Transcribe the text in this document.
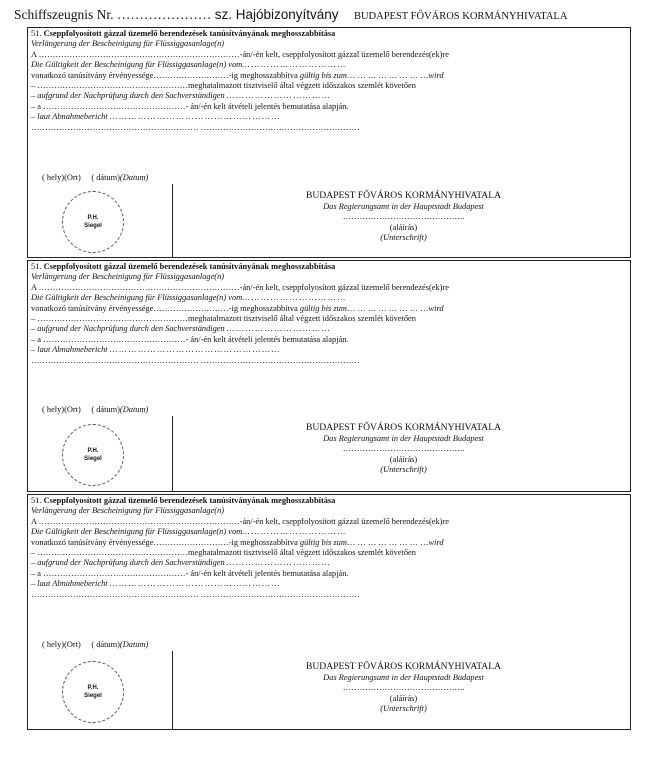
Schiffszeugnis Nr. ………………… sz. Hajóbizonyítvány BUDAPEST FŐVÁROS KORMÁNYHIVATALA
51. Cseppfolyosított gázzal üzemelő berendezések tanúsítványának meghosszabbítása
Verlängerung der Bescheinigung für Flüssiggasanlage(n)
A ………………………………………………………………-án/-én kelt, cseppfolyosított gázzal üzemelő berendezés(ek)re
Die Gültigkeit der Bescheinigung für Flüssiggasanlage(n) vom… … … … … … … … … … …
vonatkozó tanúsítvány érvényessége………………………-ig meghosszabbítva gültig bis zum… … … … … … … …wird
– ………………………………………………meghatalmazott tisztviselő által végzett időszakos szemlét követően
– aufgrund der Nachprüfung durch den Sachverständigen … … … … … … … … … … …
– a ……………………………………………- án/-én kelt átvételi jelentés bemutatása alapján.
– laut Abnahmebericht … … … … … … … … … … … … … … … … … …
…………………………………………………… …………………………………………………
( hely)(Ort) ( dátum)(Datum)
P.H.
Siegel
BUDAPEST FŐVÁROS KORMÁNYHIVATALA
Das Regierungsamt in der Hauptstadt Budapest
……………………………………..
(aláírás)
(Unterschrift)
51. Cseppfolyosított gázzal üzemelő berendezések tanúsítványának meghosszabbítása
Verlängerung der Bescheinigung für Flüssiggasanlage(n)
A ………………………………………………………………-án/-én kelt, cseppfolyosított gázzal üzemelő berendezés(ek)re
Die Gültigkeit der Bescheinigung für Flüssiggasanlage(n) vom… … … … … … … … … … …
vonatkozó tanúsítvány érvényessége………………………-ig meghosszabbítva gültig bis zum… … … … … … … …wird
– ………………………………………………meghatalmazott tisztviselő által végzett időszakos szemlét követően
– aufgrund der Nachprüfung durch den Sachverständigen … … … … … … … … … … …
– a ……………………………………………- án/-én kelt átvételi jelentés bemutatása alapján.
– laut Abnahmebericht … … … … … … … … … … … … … … … … … …
…………………………………………………… …………………………………………………
( hely)(Ort) ( dátum)(Datum)
P.H.
Siegel
BUDAPEST FŐVÁROS KORMÁNYHIVATALA
Das Regierungsamt in der Hauptstadt Budapest
……………………………………..
(aláírás)
(Unterschrift)
51. Cseppfolyosított gázzal üzemelő berendezések tanúsítványának meghosszabbítása
Verlängerung der Bescheinigung für Flüssiggasanlage(n)
A ………………………………………………………………-án/-én kelt, cseppfolyosított gázzal üzemelő berendezés(ek)re
Die Gültigkeit der Bescheinigung für Flüssiggasanlage(n) vom… … … … … … … … … … …
vonatkozó tanúsítvány érvényessége………………………-ig meghosszabbítva gültig bis zum… … … … … … … …wird
– ………………………………………………meghatalmazott tisztviselő által végzett időszakos szemlét követően
– aufgrund der Nachprüfung durch den Sachverständigen … … … … … … … … … … …
– a ……………………………………………- án/-én kelt átvételi jelentés bemutatása alapján.
– laut Abnahmebericht … … … … … … … … … … … … … … … … … …
…………………………………………………… …………………………………………………
( hely)(Ort) ( dátum)(Datum)
P.H.
Siegel
BUDAPEST FŐVÁROS KORMÁNYHIVATALA
Das Regierungsamt in der Hauptstadt Budapest
……………………………………..
(aláírás)
(Unterschrift)
